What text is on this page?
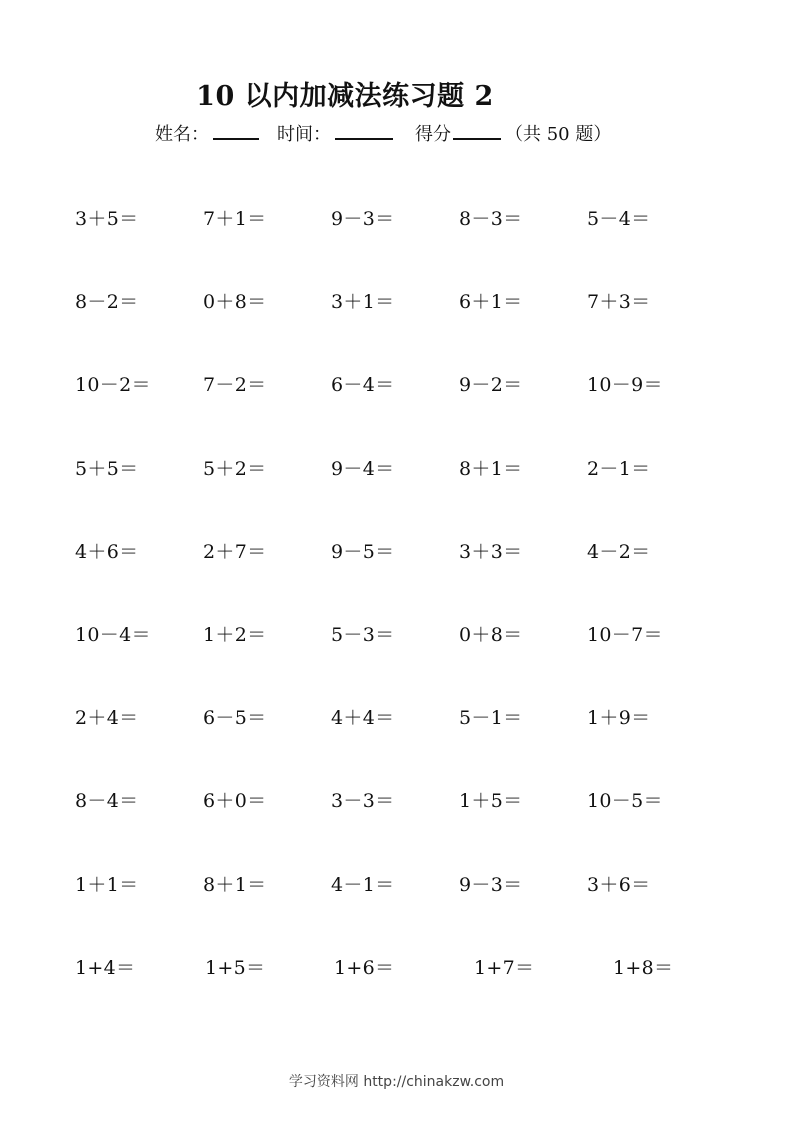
10 以内加减法练习题 2
姓名：	时间：	得分	（共 50 题）
3＋5＝	7＋1＝	9－3＝	8－3＝	5－4＝
8－2＝	0＋8＝	3＋1＝	6＋1＝	7＋3＝
10－2＝	7－2＝	6－4＝	9－2＝	10－9＝
5＋5＝	5＋2＝	9－4＝	8＋1＝	2－1＝
4＋6＝	2＋7＝	9－5＝	3＋3＝	4－2＝
10－4＝	1＋2＝	5－3＝	0＋8＝	10－7＝
2＋4＝	6－5＝	4＋4＝	5－1＝	1＋9＝
8－4＝	6＋0＝	3－3＝	1＋5＝	10－5＝
1＋1＝	8＋1＝	4－1＝	9－3＝	3＋6＝
1+4＝	1+5＝	1+6＝	1+7＝	1+8＝
学习资料网 http://chinakzw.com
